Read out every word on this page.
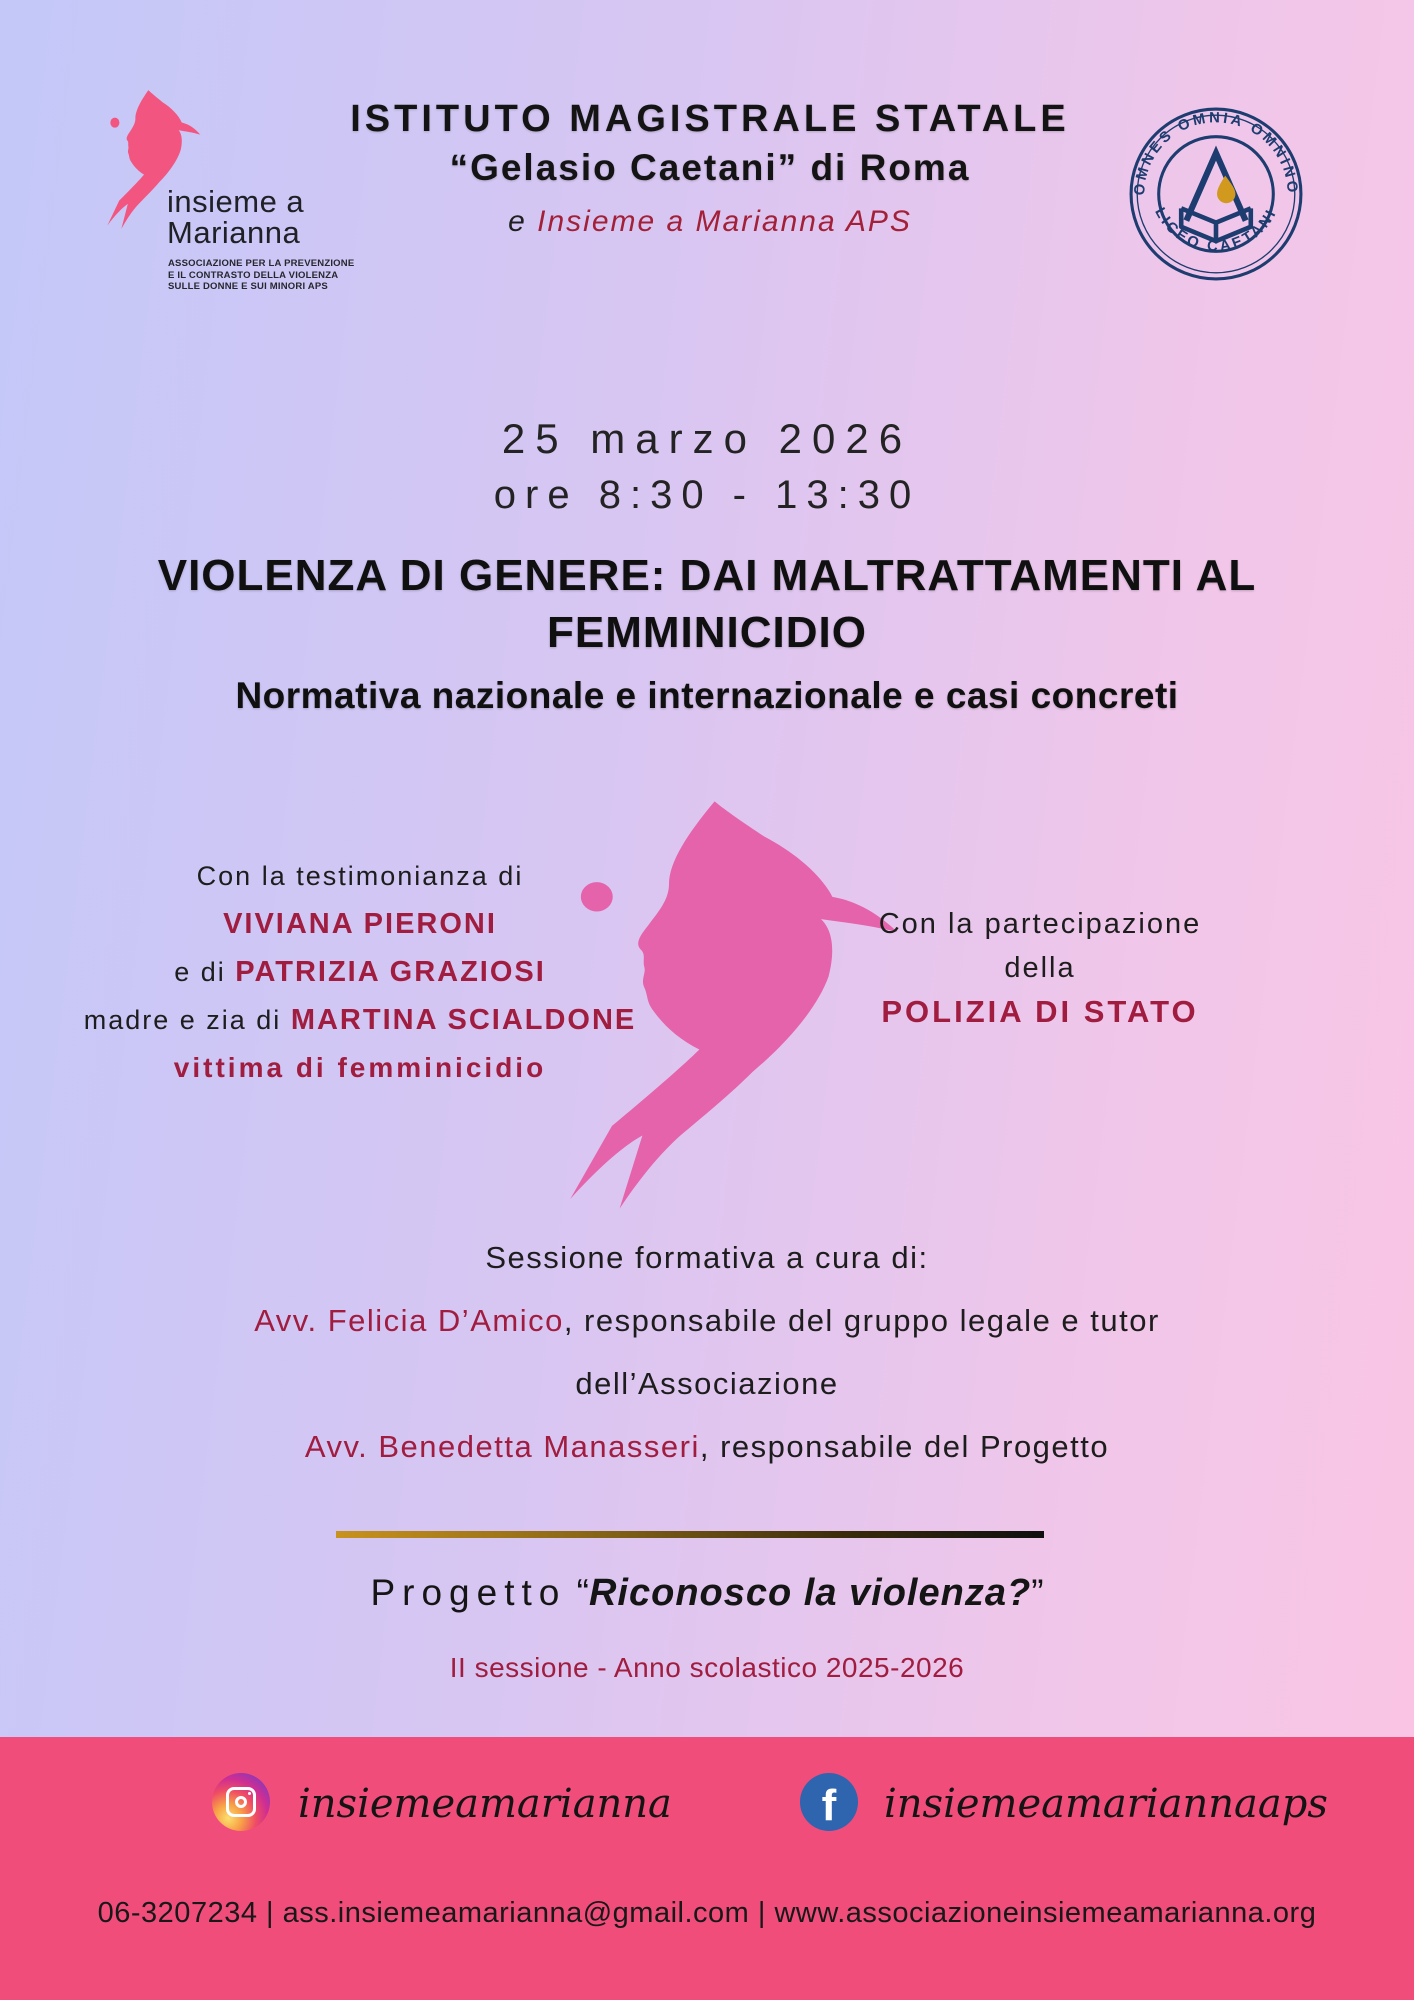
insieme a
Marianna
ASSOCIAZIONE PER LA PREVENZIONE
E IL CONTRASTO DELLA VIOLENZA
SULLE DONNE E SUI MINORI APS
ISTITUTO MAGISTRALE STATALE
“Gelasio Caetani” di Roma
e Insieme a Marianna APS
OMNES OMNIA OMNINO
LICEO CAETANI
25 marzo 2026
ore 8:30 - 13:30
VIOLENZA DI GENERE: DAI MALTRATTAMENTI AL
FEMMINICIDIO
Normativa nazionale e internazionale e casi concreti
Con la testimonianza di
VIVIANA PIERONI
e di PATRIZIA GRAZIOSI
madre e zia di MARTINA SCIALDONE
vittima di femminicidio
Con la partecipazione
della
POLIZIA DI STATO
Sessione formativa a cura di:
Avv. Felicia D’Amico, responsabile del gruppo legale e tutor
dell’Associazione
Avv. Benedetta Manasseri, responsabile del Progetto
Progetto “Riconosco la violenza?”
II sessione - Anno scolastico 2025-2026
insiemeamarianna	f	insiemeamariannaaps
06-3207234 | ass.insiemeamarianna@gmail.com | www.associazioneinsiemeamarianna.org
